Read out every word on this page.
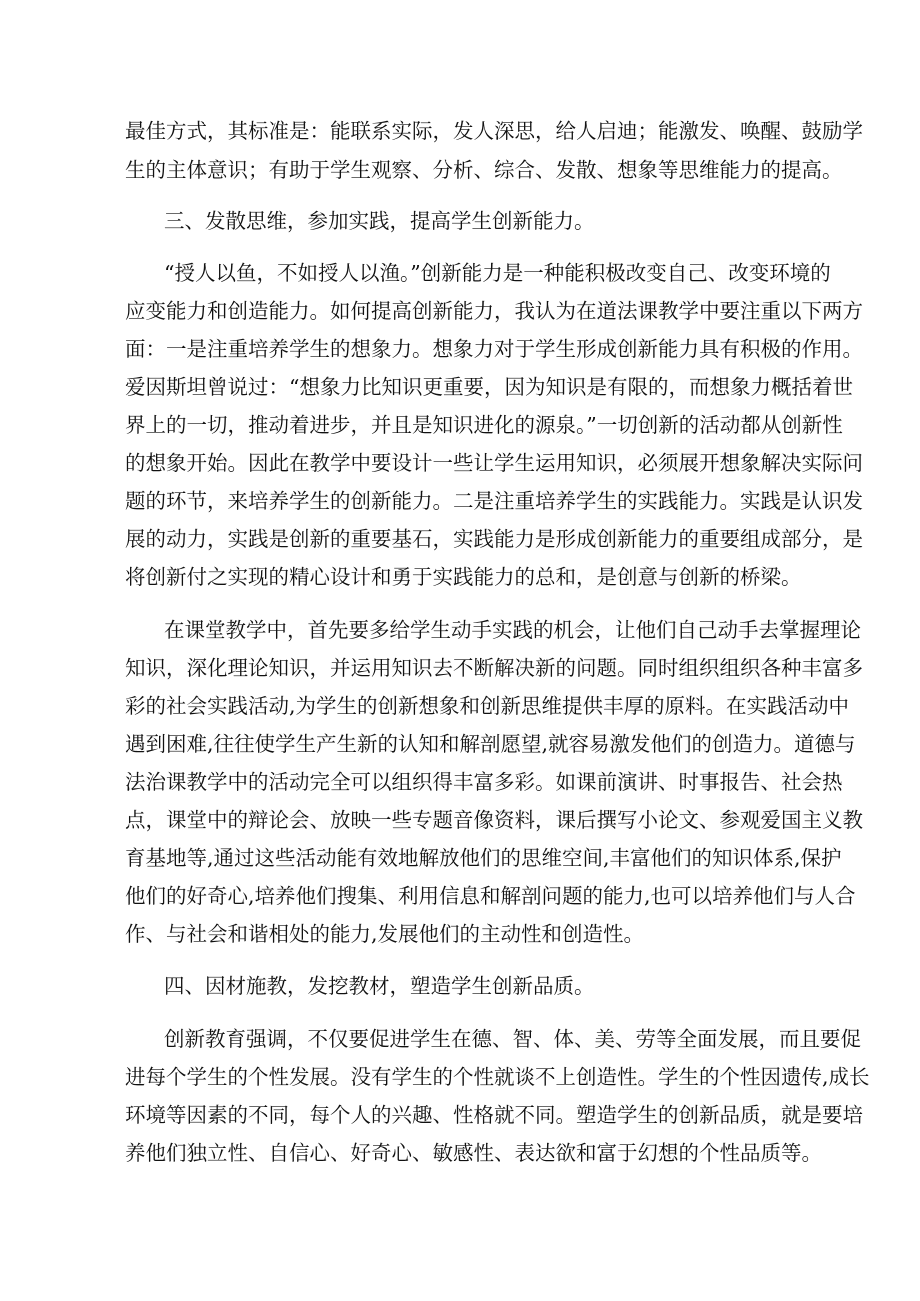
最佳方式，其标准是：能联系实际，发人深思，给人启迪；能激发、唤醒、鼓励学
生的主体意识；有助于学生观察、分析、综合、发散、想象等思维能力的提高。
三、发散思维，参加实践，提高学生创新能力。
“授人以鱼，不如授人以渔。”创新能力是一种能积极改变自己、改变环境的
应变能力和创造能力。如何提高创新能力，我认为在道法课教学中要注重以下两方
面：一是注重培养学生的想象力。想象力对于学生形成创新能力具有积极的作用。
爱因斯坦曾说过：“想象力比知识更重要，因为知识是有限的，而想象力概括着世
界上的一切，推动着进步，并且是知识进化的源泉。”一切创新的活动都从创新性
的想象开始。因此在教学中要设计一些让学生运用知识，必须展开想象解决实际问
题的环节，来培养学生的创新能力。二是注重培养学生的实践能力。实践是认识发
展的动力，实践是创新的重要基石，实践能力是形成创新能力的重要组成部分，是
将创新付之实现的精心设计和勇于实践能力的总和，是创意与创新的桥梁。
在课堂教学中，首先要多给学生动手实践的机会，让他们自己动手去掌握理论
知识，深化理论知识，并运用知识去不断解决新的问题。同时组织组织各种丰富多
彩的社会实践活动,为学生的创新想象和创新思维提供丰厚的原料。在实践活动中
遇到困难,往往使学生产生新的认知和解剖愿望,就容易激发他们的创造力。道德与
法治课教学中的活动完全可以组织得丰富多彩。如课前演讲、时事报告、社会热
点，课堂中的辩论会、放映一些专题音像资料，课后撰写小论文、参观爱国主义教
育基地等,通过这些活动能有效地解放他们的思维空间,丰富他们的知识体系,保护
他们的好奇心,培养他们搜集、利用信息和解剖问题的能力,也可以培养他们与人合
作、与社会和谐相处的能力,发展他们的主动性和创造性。
四、因材施教，发挖教材，塑造学生创新品质。
创新教育强调，不仅要促进学生在德、智、体、美、劳等全面发展，而且要促
进每个学生的个性发展。没有学生的个性就谈不上创造性。学生的个性因遗传,成长
环境等因素的不同，每个人的兴趣、性格就不同。塑造学生的创新品质，就是要培
养他们独立性、自信心、好奇心、敏感性、表达欲和富于幻想的个性品质等。
